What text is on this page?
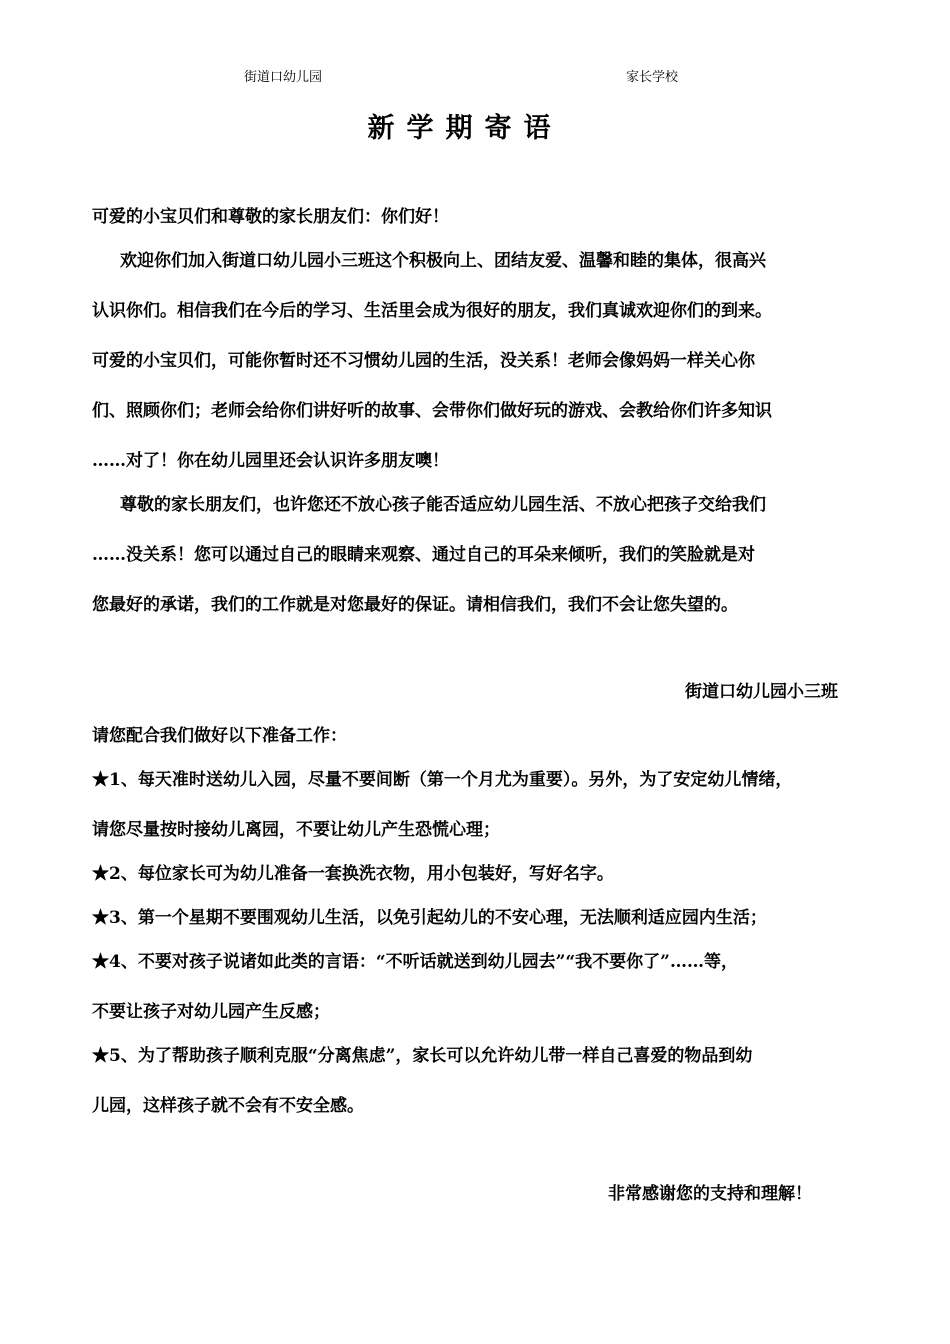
街道口幼儿园	家长学校
新学期寄语
可爱的小宝贝们和尊敬的家长朋友们：你们好！
欢迎你们加入街道口幼儿园小三班这个积极向上、团结友爱、温馨和睦的集体，很高兴
认识你们。相信我们在今后的学习、生活里会成为很好的朋友，我们真诚欢迎你们的到来。
可爱的小宝贝们，可能你暂时还不习惯幼儿园的生活，没关系！老师会像妈妈一样关心你
们、照顾你们；老师会给你们讲好听的故事、会带你们做好玩的游戏、会教给你们许多知识
……对了！你在幼儿园里还会认识许多朋友噢！
尊敬的家长朋友们，也许您还不放心孩子能否适应幼儿园生活、不放心把孩子交给我们
……没关系！您可以通过自己的眼睛来观察、通过自己的耳朵来倾听，我们的笑脸就是对
您最好的承诺，我们的工作就是对您最好的保证。请相信我们，我们不会让您失望的。
街道口幼儿园小三班
请您配合我们做好以下准备工作：
★1、每天准时送幼儿入园，尽量不要间断（第一个月尤为重要）。另外，为了安定幼儿情绪，
请您尽量按时接幼儿离园，不要让幼儿产生恐慌心理；
★2、每位家长可为幼儿准备一套换洗衣物，用小包装好，写好名字。
★3、第一个星期不要围观幼儿生活，以免引起幼儿的不安心理，无法顺利适应园内生活；
★4、不要对孩子说诸如此类的言语：“不听话就送到幼儿园去”“我不要你了”……等，
不要让孩子对幼儿园产生反感；
★5、为了帮助孩子顺利克服“分离焦虑”，家长可以允许幼儿带一样自己喜爱的物品到幼
儿园，这样孩子就不会有不安全感。
非常感谢您的支持和理解！
